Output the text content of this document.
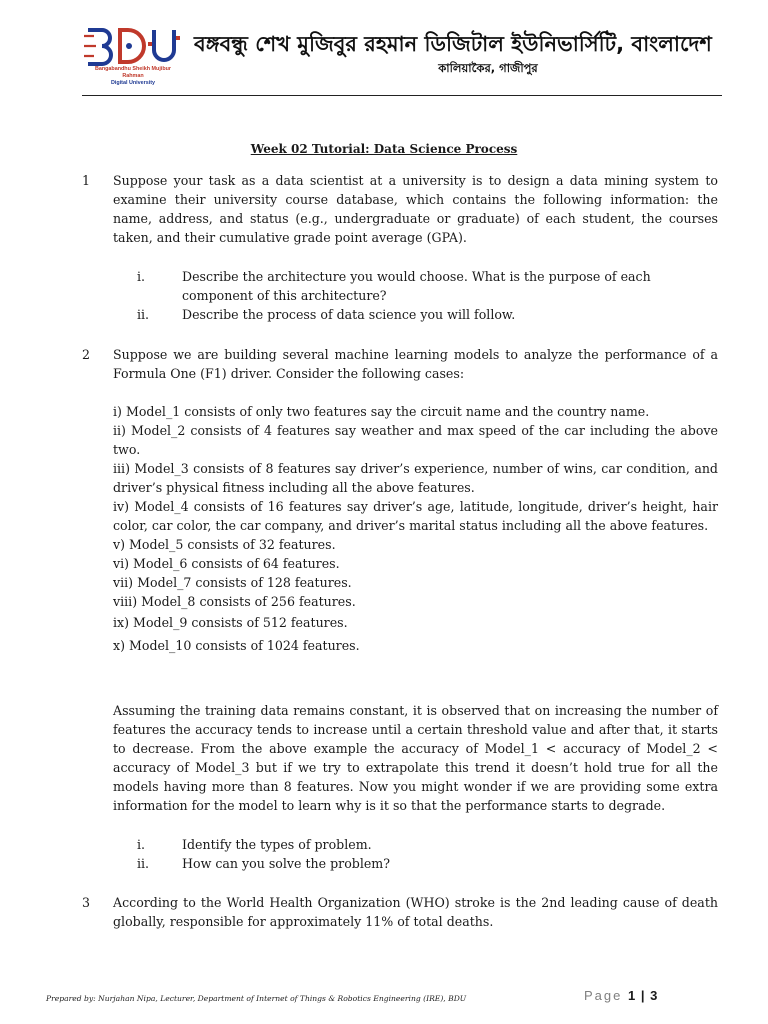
Bangabandhu Sheikh Mujibur Rahman
Digital University
বঙ্গবন্ধু শেখ মুজিবুর রহমান ডিজিটাল ইউনিভার্সিটি, বাংলাদেশ
কালিয়াকৈর, গাজীপুর
Week 02 Tutorial: Data Science Process
1	Suppose your task as a data scientist at a university is to design a data mining system to examine their university course database, which contains the following information: the name, address, and status (e.g., undergraduate or graduate) of each student, the courses taken, and their cumulative grade point average (GPA).
i.	Describe the architecture you would choose. What is the purpose of each component of this architecture?
ii.	Describe the process of data science you will follow.
2	Suppose we are building several machine learning models to analyze the performance of a Formula One (F1) driver. Consider the following cases:

i) Model_1 consists of only two features say the circuit name and the country name.

ii) Model_2 consists of 4 features say weather and max speed of the car including the above two.

iii) Model_3 consists of 8 features say driver’s experience, number of wins, car condition, and driver’s physical fitness including all the above features.

iv) Model_4 consists of 16 features say driver’s age, latitude, longitude, driver’s height, hair color, car color, the car company, and driver’s marital status including all the above features.

v) Model_5 consists of 32 features.

vi) Model_6 consists of 64 features.

vii) Model_7 consists of 128 features.

viii) Model_8 consists of 256 features.

ix) Model_9 consists of 512 features.

x) Model_10 consists of 1024 features.

Assuming the training data remains constant, it is observed that on increasing the number of features the accuracy tends to increase until a certain threshold value and after that, it starts to decrease. From the above example the accuracy of Model_1 < accuracy of Model_2 < accuracy of Model_3 but if we try to extrapolate this trend it doesn’t hold true for all the models having more than 8 features. Now you might wonder if we are providing some extra information for the model to learn why is it so that the performance starts to degrade.
i.	Identify the types of problem.
ii.	How can you solve the problem?
3	According to the World Health Organization (WHO) stroke is the 2nd leading cause of death globally, responsible for approximately 11% of total deaths.
Prepared by: Nurjahan Nipa, Lecturer, Department of Internet of Things & Robotics Engineering (IRE), BDU	Page 1 | 3
